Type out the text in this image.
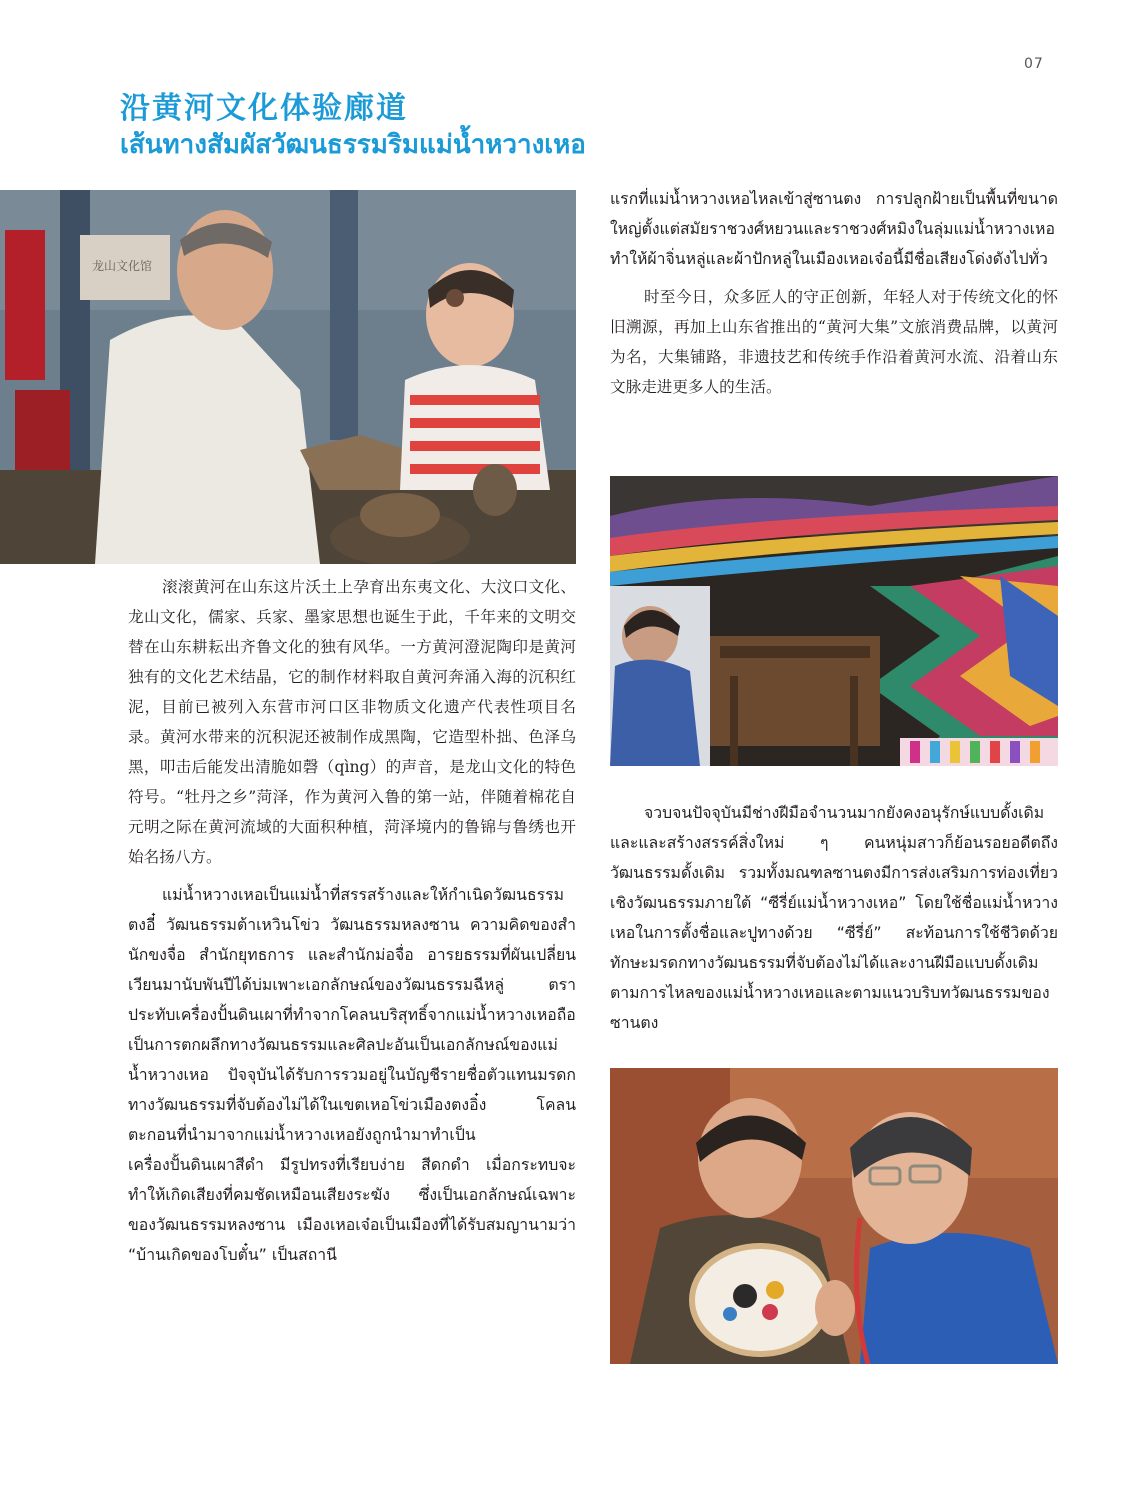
07
沿黄河文化体验廊道
เส้นทางสัมผัสวัฒนธรรมริมแม่น้ำหวางเหอ
龙山文化馆

滚滚黄河在山东这片沃土上孕育出东夷文化、大汶口文化、龙山文化，儒家、兵家、墨家思想也诞生于此，千年来的文明交替在山东耕耘出齐鲁文化的独有风华。一方黄河澄泥陶印是黄河独有的文化艺术结晶，它的制作材料取自黄河奔涌入海的沉积红泥，目前已被列入东营市河口区非物质文化遗产代表性项目名录。黄河水带来的沉积泥还被制作成黑陶，它造型朴拙、色泽乌黑，叩击后能发出清脆如磬（qìng）的声音，是龙山文化的特色符号。“牡丹之乡”菏泽，作为黄河入鲁的第一站，伴随着棉花自元明之际在黄河流域的大面积种植，菏泽境内的鲁锦与鲁绣也开始名扬八方。

แม่น้ำหวางเหอเป็นแม่น้ำที่สรรสร้างและให้กำเนิดวัฒนธรรมตงอี๋ วัฒนธรรมต้าเหวินโข่ว วัฒนธรรมหลงซาน ความคิดของสำนักขงจื่อ สำนักยุทธการ และสำนักม่อจื่อ อารยธรรมที่ผันเปลี่ยนเวียนมานับพันปีได้บ่มเพาะเอกลักษณ์ของวัฒนธรรมฉีหลู่ ตราประทับเครื่องปั้นดินเผาที่ทำจากโคลนบริสุทธิ์จากแม่น้ำหวางเหอถือเป็นการตกผลึกทางวัฒนธรรมและศิลปะอันเป็นเอกลักษณ์ของแม่น้ำหวางเหอ ปัจจุบันได้รับการรวมอยู่ในบัญชีรายชื่อตัวแทนมรดกทางวัฒนธรรมที่จับต้องไม่ได้ในเขตเหอโข่วเมืองตงอิ๋ง โคลนตะกอนที่นำมาจากแม่น้ำหวางเหอยังถูกนำมาทำเป็นเครื่องปั้นดินเผาสีดำ มีรูปทรงที่เรียบง่าย สีดกดำ เมื่อกระทบจะทำให้เกิดเสียงที่คมชัดเหมือนเสียงระฆัง ซึ่งเป็นเอกลักษณ์เฉพาะของวัฒนธรรมหลงซาน เมืองเหอเจ๋อเป็นเมืองที่ได้รับสมญานามว่า “บ้านเกิดของโบตั๋น” เป็นสถานี

แรกที่แม่น้ำหวางเหอไหลเข้าสู่ซานตง การปลูกฝ้ายเป็นพื้นที่ขนาดใหญ่ตั้งแต่สมัยราชวงศ์หยวนและราชวงศ์หมิงในลุ่มแม่น้ำหวางเหอ ทำให้ผ้าจิ่นหลู่และผ้าปักหลู่ในเมืองเหอเจ๋อนี้มีชื่อเสียงโด่งดังไปทั่ว

时至今日，众多匠人的守正创新，年轻人对于传统文化的怀旧溯源，再加上山东省推出的“黄河大集”文旅消费品牌，以黄河为名，大集铺路，非遗技艺和传统手作沿着黄河水流、沿着山东文脉走进更多人的生活。

จวบจนปัจจุบันมีช่างฝีมือจำนวนมากยังคงอนุรักษ์แบบดั้งเดิมและและสร้างสรรค์สิ่งใหม่ ๆ คนหนุ่มสาวก็ย้อนรอยอดีตถึงวัฒนธรรมดั้งเดิม รวมทั้งมณฑลซานตงมีการส่งเสริมการท่องเที่ยวเชิงวัฒนธรรมภายใต้ “ซีรี่ย์แม่น้ำหวางเหอ” โดยใช้ชื่อแม่น้ำหวางเหอในการตั้งชื่อและปูทางด้วย “ซีรี่ย์” สะท้อนการใช้ชีวิตด้วยทักษะมรดกทางวัฒนธรรมที่จับต้องไม่ได้และงานฝีมือแบบดั้งเดิม ตามการไหลของแม่น้ำหวางเหอและตามแนวบริบทวัฒนธรรมของซานตง
